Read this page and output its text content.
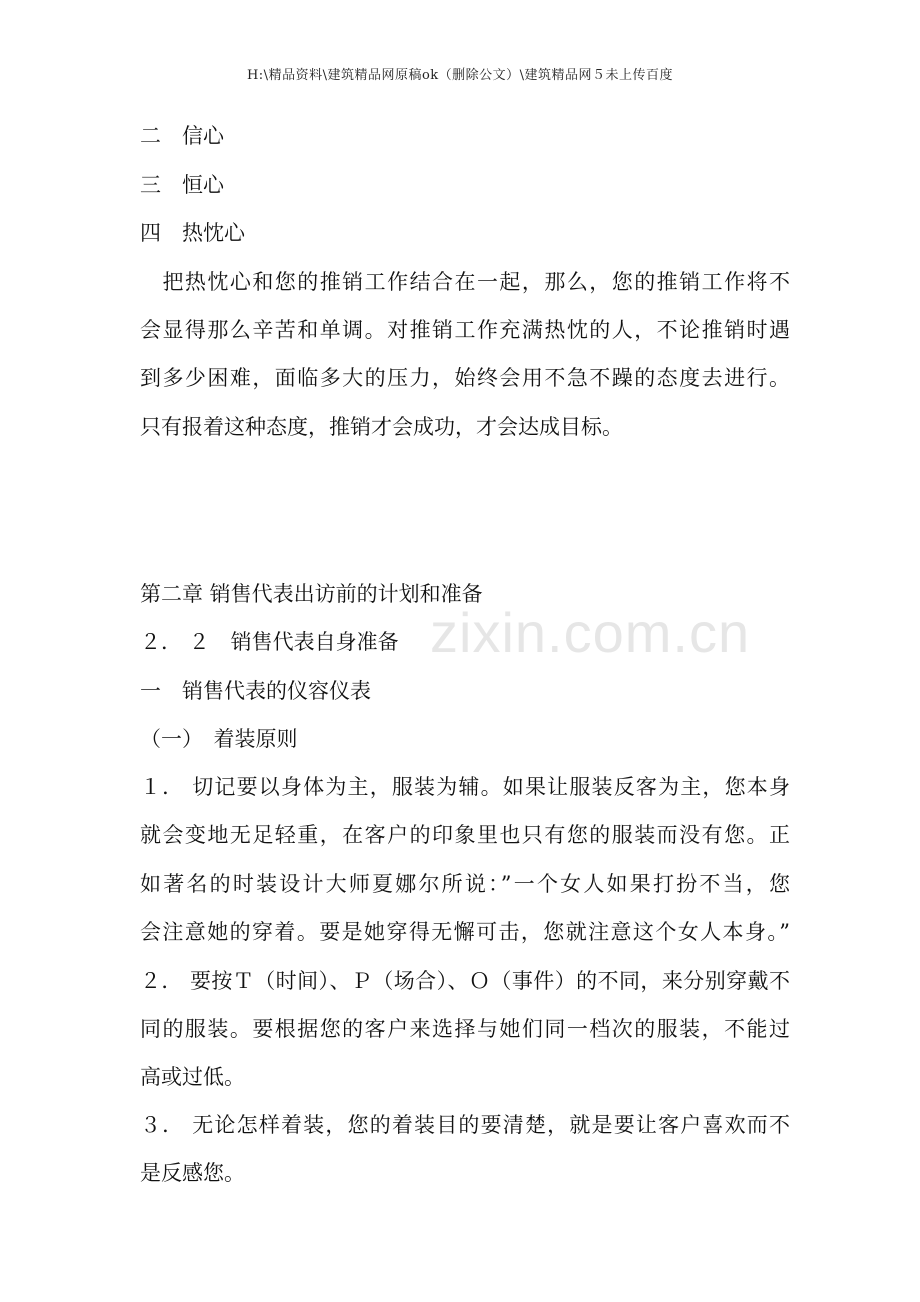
H:\精品资料\建筑精品网原稿ok（删除公文）\建筑精品网５未上传百度
zixin.com.cn
二　信心
三　恒心
四　热忱心
　把热忱心和您的推销工作结合在一起，那么，您的推销工作将不
会显得那么辛苦和单调。对推销工作充满热忱的人，不论推销时遇
到多少困难，面临多大的压力，始终会用不急不躁的态度去进行。
只有报着这种态度，推销才会成功，才会达成目标。
第二章 销售代表出访前的计划和准备
２． ２　销售代表自身准备
一　销售代表的仪容仪表
（一）　着装原则
１． 切记要以身体为主，服装为辅。如果让服装反客为主，您本身
就会变地无足轻重，在客户的印象里也只有您的服装而没有您。正
如著名的时装设计大师夏娜尔所说：”一个女人如果打扮不当，您
会注意她的穿着。要是她穿得无懈可击，您就注意这个女人本身。”
２． 要按Ｔ（时间）、Ｐ（场合）、Ｏ（事件）的不同，来分别穿戴不
同的服装。要根据您的客户来选择与她们同一档次的服装，不能过
高或过低。
３． 无论怎样着装，您的着装目的要清楚，就是要让客户喜欢而不
是反感您。
